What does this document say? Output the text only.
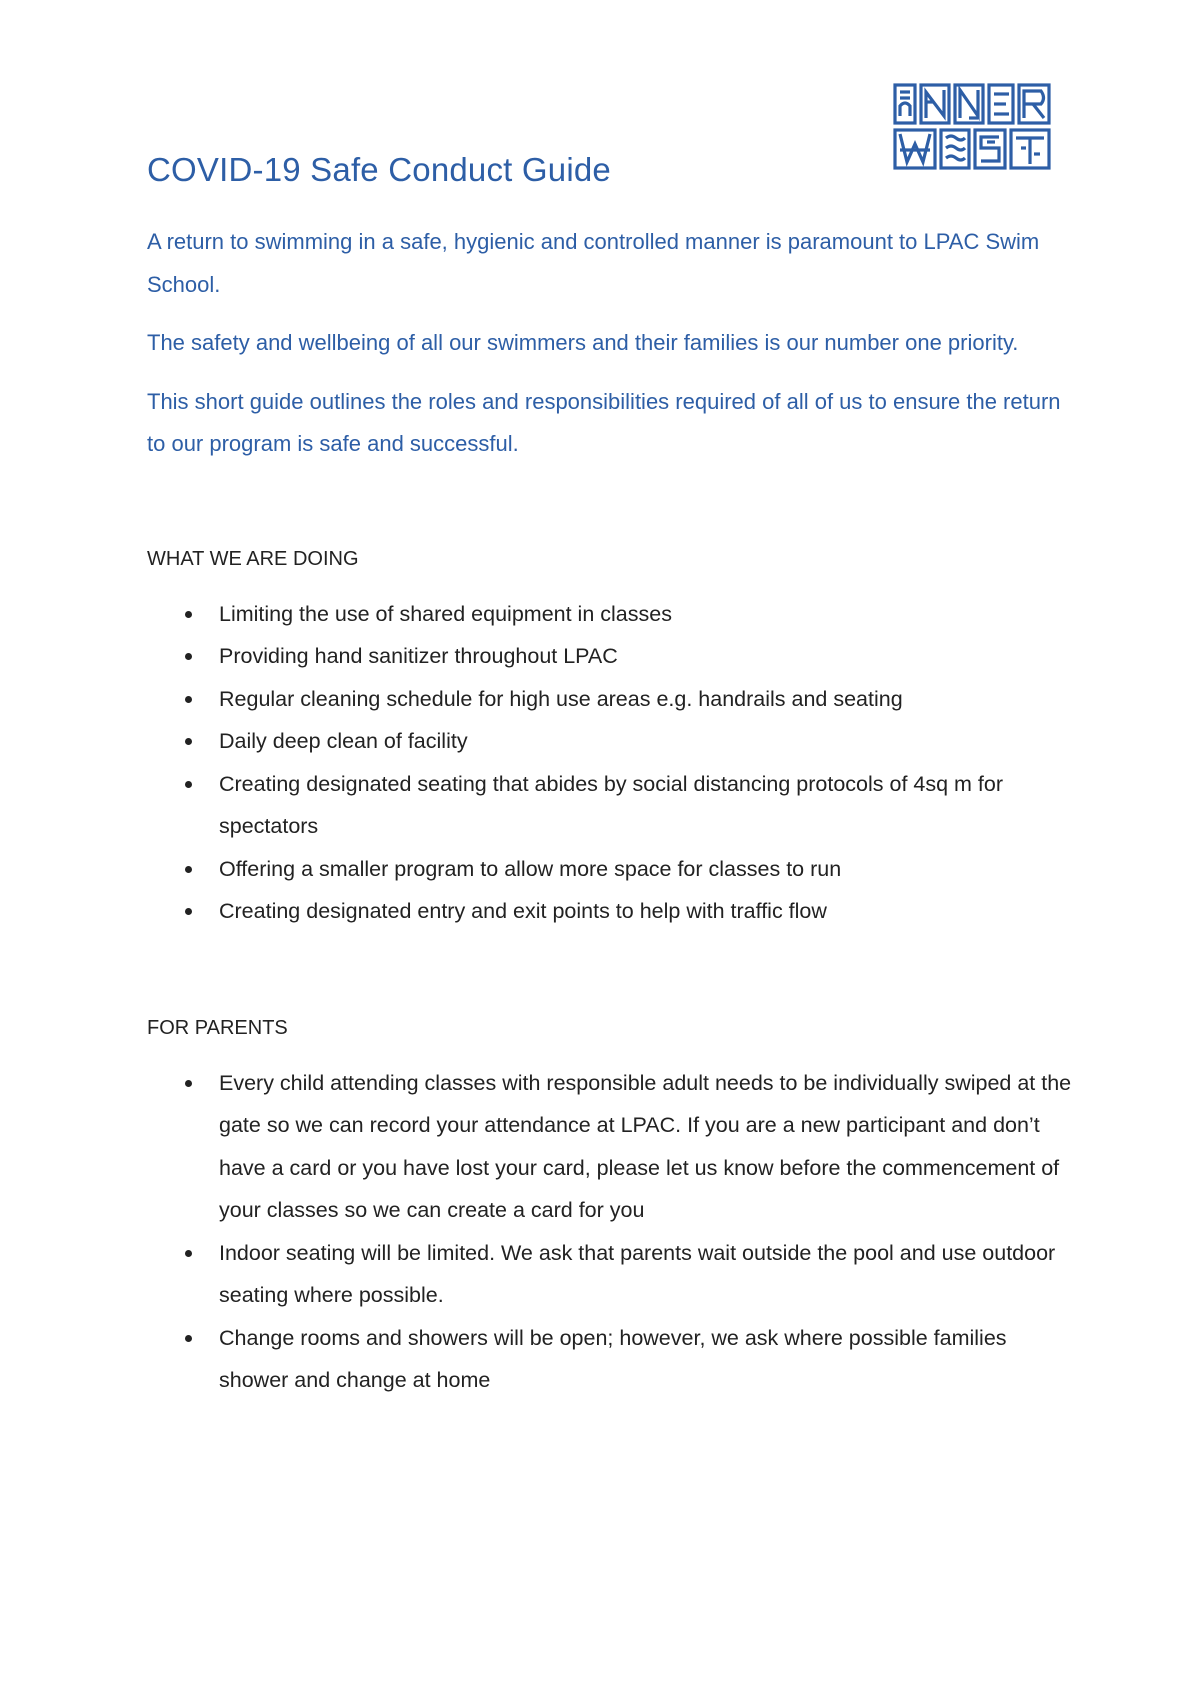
COVID-19 Safe Conduct Guide

A return to swimming in a safe, hygienic and controlled manner is paramount to LPAC Swim School.

The safety and wellbeing of all our swimmers and their families is our number one priority.

This short guide outlines the roles and responsibilities required of all of us to ensure the return to our program is safe and successful.

WHAT WE ARE DOING
Limiting the use of shared equipment in classes
Providing hand sanitizer throughout LPAC
Regular cleaning schedule for high use areas e.g. handrails and seating
Daily deep clean of facility
Creating designated seating that abides by social distancing protocols of 4sq m for spectators
Offering a smaller program to allow more space for classes to run
Creating designated entry and exit points to help with traffic flow
FOR PARENTS
Every child attending classes with responsible adult needs to be individually swiped at the gate so we can record your attendance at LPAC. If you are a new participant and don’t have a card or you have lost your card, please let us know before the commencement of your classes so we can create a card for you
Indoor seating will be limited. We ask that parents wait outside the pool and use outdoor seating where possible.
Change rooms and showers will be open; however, we ask where possible families shower and change at home
